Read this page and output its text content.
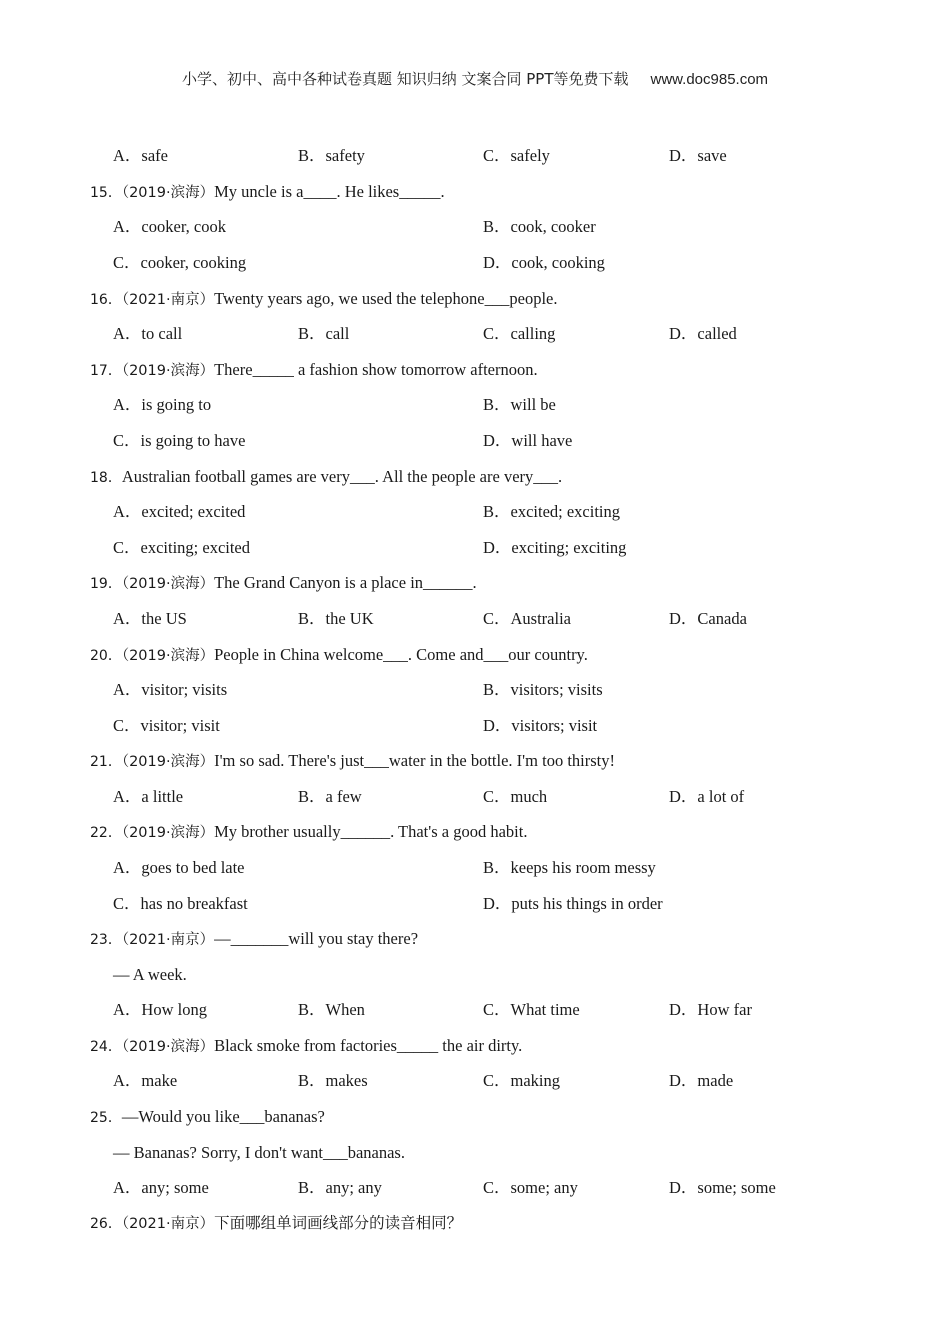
小学、初中、高中各种试卷真题 知识归纳 文案合同 PPT等免费下载 www.doc985.com
A．safe	B．safety	C．safely	D．save
15．（2019·滨海）My uncle is a____. He likes_____.
A．cooker, cook	B．cook, cooker
C．cooker, cooking	D．cook, cooking
16．（2021·南京）Twenty years ago, we used the telephone___people.
A．to call	B．call	C．calling	D．called
17．（2019·滨海）There_____ a fashion show tomorrow afternoon.
A．is going to	B．will be
C．is going to have	D．will have
18．Australian football games are very___. All the people are very___.
A．excited; excited	B．excited; exciting
C．exciting; excited	D．exciting; exciting
19．（2019·滨海）The Grand Canyon is a place in______.
A．the US	B．the UK	C．Australia	D．Canada
20．（2019·滨海）People in China welcome___. Come and___our country.
A．visitor; visits	B．visitors; visits
C．visitor; visit	D．visitors; visit
21．（2019·滨海）I'm so sad. There's just___water in the bottle. I'm too thirsty!
A．a little	B．a few	C．much	D．a lot of
22．（2019·滨海）My brother usually______. That's a good habit.
A．goes to bed late	B．keeps his room messy
C．has no breakfast	D．puts his things in order
23．（2021·南京）—_______will you stay there?
— A week.
A．How long	B．When	C．What time	D．How far
24．（2019·滨海）Black smoke from factories_____ the air dirty.
A．make	B．makes	C．making	D．made
25．—Would you like___bananas?
— Bananas? Sorry, I don't want___bananas.
A．any; some	B．any; any	C．some; any	D．some; some
26．（2021·南京）下面哪组单词画线部分的读音相同？
